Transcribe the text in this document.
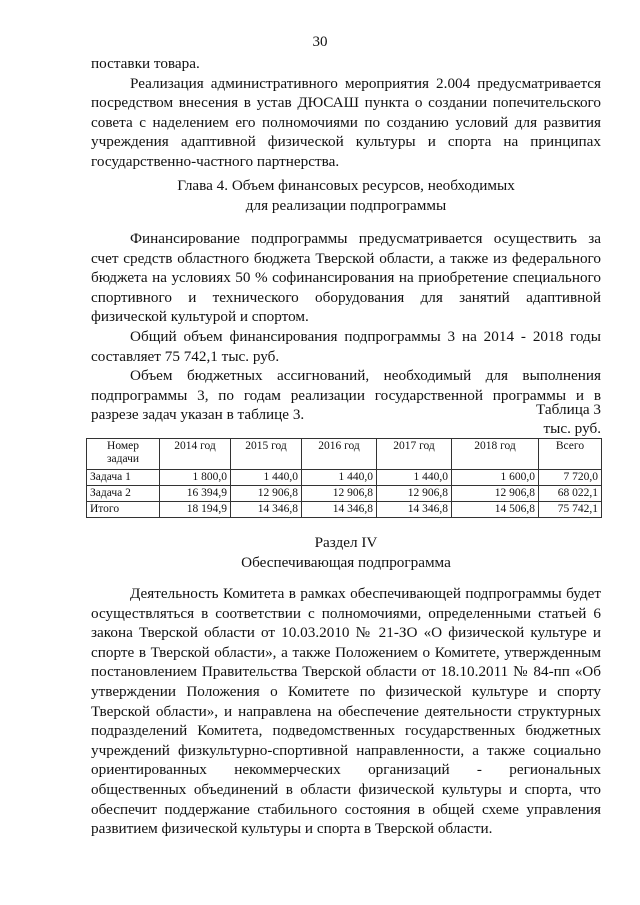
30

поставки товара.

Реализация административного мероприятия 2.004 предусматривается посредством внесения в устав ДЮСАШ пункта о создании попечительского совета с наделением его полномочиями по созданию условий для развития учреждения адаптивной физической культуры и спорта на принципах государственно-частного партнерства.

Глава 4. Объем финансовых ресурсов, необходимых

для реализации подпрограммы

Финансирование подпрограммы предусматривается осуществить за счет средств областного бюджета Тверской области, а также из федерального бюджета на условиях 50 % софинансирования на приобретение специального спортивного и технического оборудования для занятий адаптивной физической культурой и спортом.

Общий объем финансирования подпрограммы 3 на 2014 - 2018 годы составляет 75 742,1 тыс. руб.

Объем бюджетных ассигнований, необходимый для выполнения подпрограммы 3, по годам реализации государственной программы и в разрезе задач указан в таблице 3.	Таблица 3

тыс. руб.

Номер задачи	2014 год	2015 год	2016 год	2017 год	2018 год	Всего
Задача 1	1 800,0	1 440,0	1 440,0	1 440,0	1 600,0	7 720,0
Задача 2	16 394,9	12 906,8	12 906,8	12 906,8	12 906,8	68 022,1
Итого	18 194,9	14 346,8	14 346,8	14 346,8	14 506,8	75 742,1

Раздел IV

Обеспечивающая подпрограмма

Деятельность Комитета в рамках обеспечивающей подпрограммы будет осуществляться в соответствии с полномочиями, определенными статьей 6 закона Тверской области от 10.03.2010 № 21-ЗО «О физической культуре и спорте в Тверской области», а также Положением о Комитете, утвержденным постановлением Правительства Тверской области от 18.10.2011 № 84-пп «Об утверждении Положения о Комитете по физической культуре и спорту Тверской области», и направлена на обеспечение деятельности структурных подразделений Комитета, подведомственных государственных бюджетных учреждений физкультурно-спортивной направленности, а также социально ориентированных некоммерческих организаций - региональных общественных объединений в области физической культуры и спорта, что обеспечит поддержание стабильного состояния в общей схеме управления развитием физической культуры и спорта в Тверской области.
